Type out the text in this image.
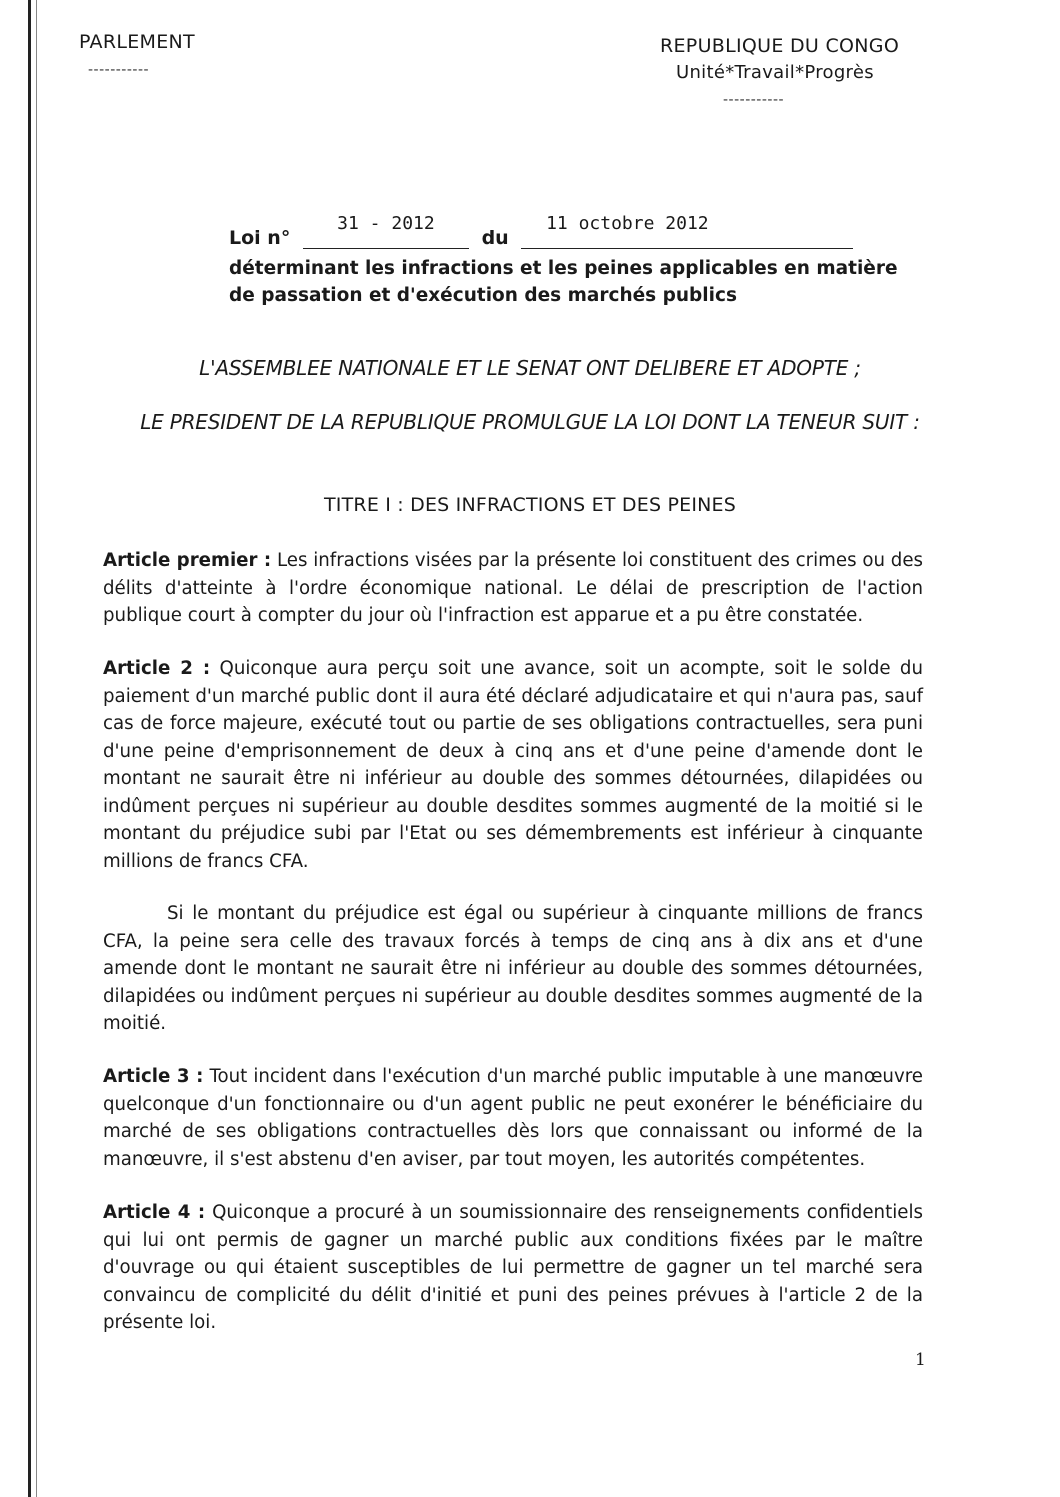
PARLEMENT
-----------
REPUBLIQUE DU CONGO
Unité*Travail*Progrès
-----------
Loi n° 31 - 2012 du 11 octobre 2012
déterminant les infractions et les peines applicables en matière
de passation et d'exécution des marchés publics
L'ASSEMBLEE NATIONALE ET LE SENAT ONT DELIBERE ET ADOPTE ;
LE PRESIDENT DE LA REPUBLIQUE PROMULGUE LA LOI DONT LA TENEUR SUIT :
TITRE I : DES INFRACTIONS ET DES PEINES
Article premier : Les infractions visées par la présente loi constituent des crimes ou des délits d'atteinte à l'ordre économique national. Le délai de prescription de l'action publique court à compter du jour où l'infraction est apparue et a pu être constatée.
Article 2 : Quiconque aura perçu soit une avance, soit un acompte, soit le solde du paiement d'un marché public dont il aura été déclaré adjudicataire et qui n'aura pas, sauf cas de force majeure, exécuté tout ou partie de ses obligations contractuelles, sera puni d'une peine d'emprisonnement de deux à cinq ans et d'une peine d'amende dont le montant ne saurait être ni inférieur au double des sommes détournées, dilapidées ou indûment perçues ni supérieur au double desdites sommes augmenté de la moitié si le montant du préjudice subi par l'Etat ou ses démembrements est inférieur à cinquante millions de francs CFA.
Si le montant du préjudice est égal ou supérieur à cinquante millions de francs CFA, la peine sera celle des travaux forcés à temps de cinq ans à dix ans et d'une amende dont le montant ne saurait être ni inférieur au double des sommes détournées, dilapidées ou indûment perçues ni supérieur au double desdites sommes augmenté de la moitié.
Article 3 : Tout incident dans l'exécution d'un marché public imputable à une manœuvre quelconque d'un fonctionnaire ou d'un agent public ne peut exonérer le bénéficiaire du marché de ses obligations contractuelles dès lors que connaissant ou informé de la manœuvre, il s'est abstenu d'en aviser, par tout moyen, les autorités compétentes.
Article 4 : Quiconque a procuré à un soumissionnaire des renseignements confidentiels qui lui ont permis de gagner un marché public aux conditions fixées par le maître d'ouvrage ou qui étaient susceptibles de lui permettre de gagner un tel marché sera convaincu de complicité du délit d'initié et puni des peines prévues à l'article 2 de la présente loi.
1
